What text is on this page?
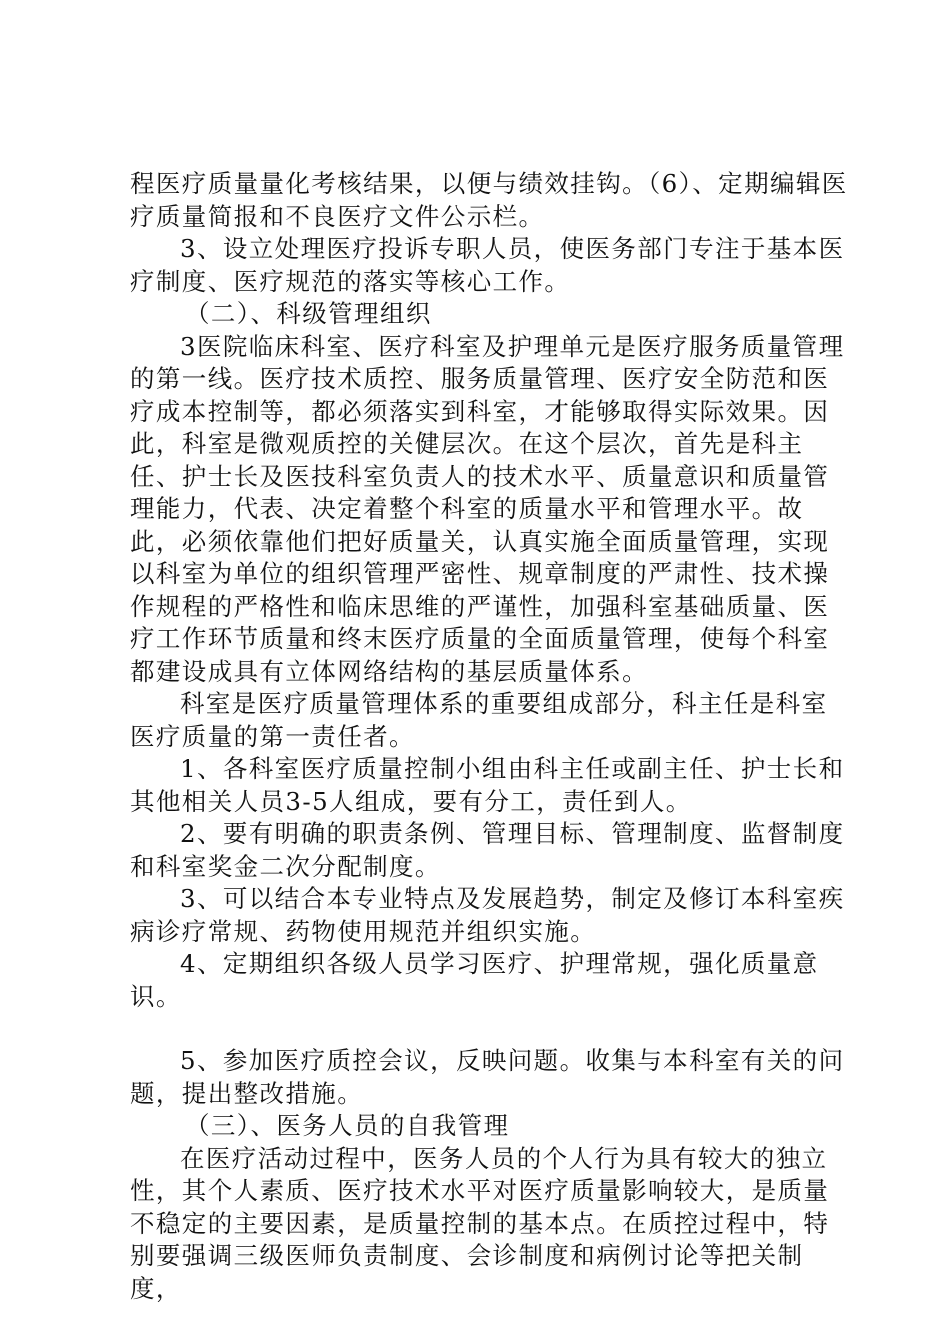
程医疗质量量化考核结果，以便与绩效挂钩。（6）、定期编辑医疗质量简报和不良医疗文件公示栏。

3、设立处理医疗投诉专职人员，使医务部门专注于基本医疗制度、医疗规范的落实等核心工作。

（二）、科级管理组织

3医院临床科室、医疗科室及护理单元是医疗服务质量管理的第一线。医疗技术质控、服务质量管理、医疗安全防范和医疗成本控制等，都必须落实到科室，才能够取得实际效果。因此，科室是微观质控的关健层次。在这个层次，首先是科主任、护士长及医技科室负责人的技术水平、质量意识和质量管理能力，代表、决定着整个科室的质量水平和管理水平。故此，必须依靠他们把好质量关，认真实施全面质量管理，实现以科室为单位的组织管理严密性、规章制度的严肃性、技术操作规程的严格性和临床思维的严谨性，加强科室基础质量、医疗工作环节质量和终末医疗质量的全面质量管理，使每个科室都建设成具有立体网络结构的基层质量体系。

科室是医疗质量管理体系的重要组成部分，科主任是科室医疗质量的第一责任者。

1、各科室医疗质量控制小组由科主任或副主任、护士长和其他相关人员3-5人组成，要有分工，责任到人。

2、要有明确的职责条例、管理目标、管理制度、监督制度和科室奖金二次分配制度。

3、可以结合本专业特点及发展趋势，制定及修订本科室疾病诊疗常规、药物使用规范并组织实施。

4、定期组织各级人员学习医疗、护理常规，强化质量意识。

5、参加医疗质控会议，反映问题。收集与本科室有关的问题，提出整改措施。

（三）、医务人员的自我管理

在医疗活动过程中，医务人员的个人行为具有较大的独立性，其个人素质、医疗技术水平对医疗质量影响较大，是质量不稳定的主要因素，是质量控制的基本点。在质控过程中，特别要强调三级医师负责制度、会诊制度和病例讨论等把关制度，
